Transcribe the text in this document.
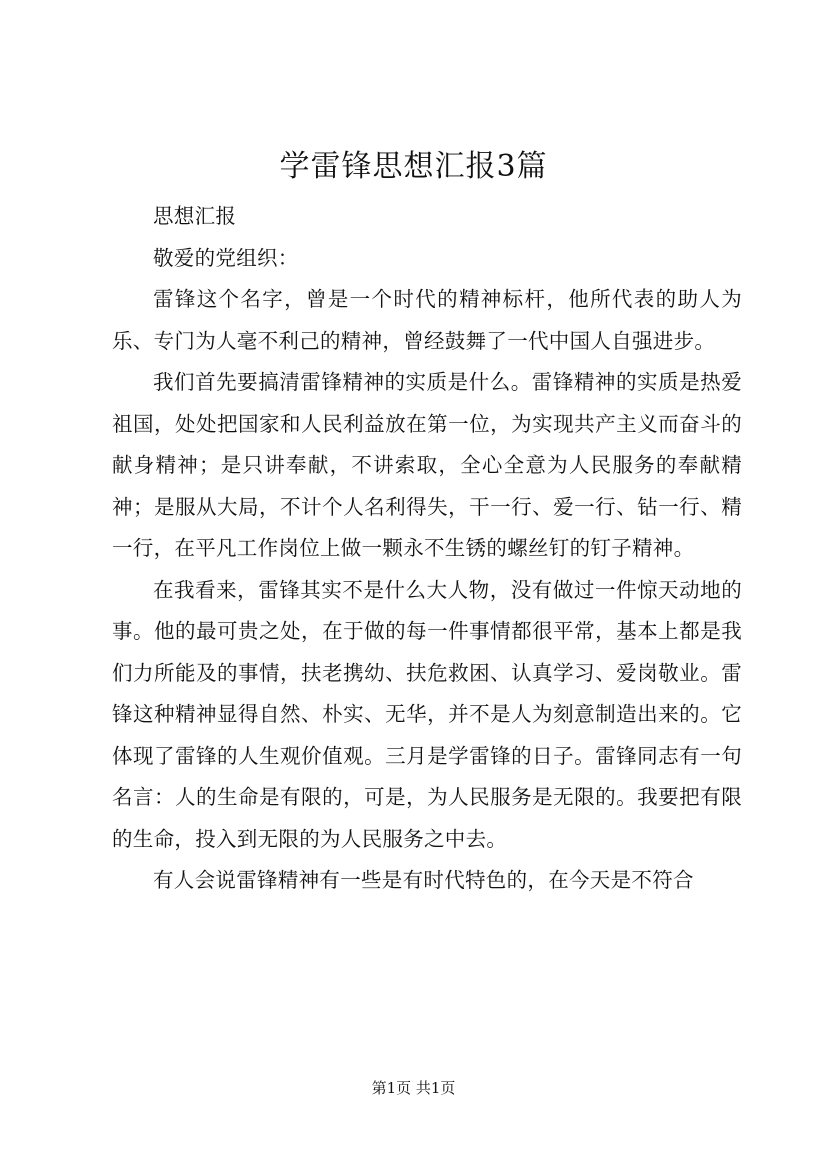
学雷锋思想汇报3篇

思想汇报

敬爱的党组织：

雷锋这个名字，曾是一个时代的精神标杆，他所代表的助人为乐、专门为人毫不利己的精神，曾经鼓舞了一代中国人自强进步。

我们首先要搞清雷锋精神的实质是什么。雷锋精神的实质是热爱祖国，处处把国家和人民利益放在第一位，为实现共产主义而奋斗的献身精神；是只讲奉献，不讲索取，全心全意为人民服务的奉献精神；是服从大局，不计个人名利得失，干一行、爱一行、钻一行、精一行，在平凡工作岗位上做一颗永不生锈的螺丝钉的钉子精神。

在我看来，雷锋其实不是什么大人物，没有做过一件惊天动地的事。他的最可贵之处，在于做的每一件事情都很平常，基本上都是我们力所能及的事情，扶老携幼、扶危救困、认真学习、爱岗敬业。雷锋这种精神显得自然、朴实、无华，并不是人为刻意制造出来的。它体现了雷锋的人生观价值观。三月是学雷锋的日子。雷锋同志有一句名言：人的生命是有限的，可是，为人民服务是无限的。我要把有限的生命，投入到无限的为人民服务之中去。

有人会说雷锋精神有一些是有时代特色的，在今天是不符合

第1页 共1页
